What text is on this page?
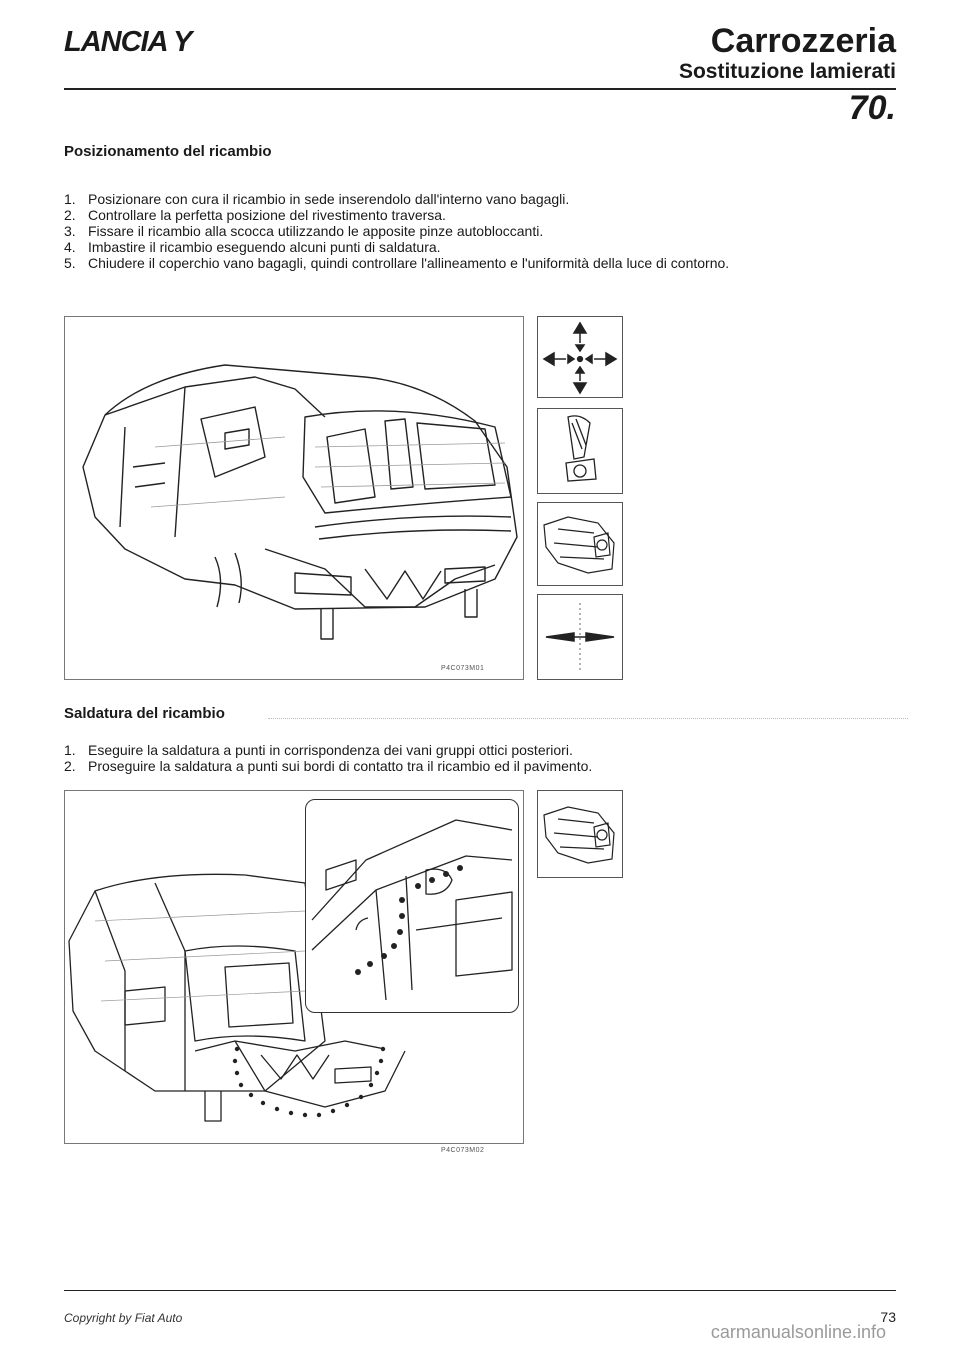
LANCIA Y	Carrozzeria
Sostituzione lamierati
70.
Posizionamento del ricambio
1. Posizionare con cura il ricambio in sede inserendolo dall'interno vano bagagli.
2. Controllare la perfetta posizione del rivestimento traversa.
3. Fissare il ricambio alla scocca utilizzando le apposite pinze autobloccanti.
4. Imbastire il ricambio eseguendo alcuni punti di saldatura.
5. Chiudere il coperchio vano bagagli, quindi controllare l'allineamento e l'uniformità della luce di contorno.
P4C073M01
Saldatura del ricambio
1. Eseguire la saldatura a punti in corrispondenza dei vani gruppi ottici posteriori.
2. Proseguire la saldatura a punti sui bordi di contatto tra il ricambio ed il pavimento.
P4C073M02
Copyright by Fiat Auto	73
carmanualsonline.info
